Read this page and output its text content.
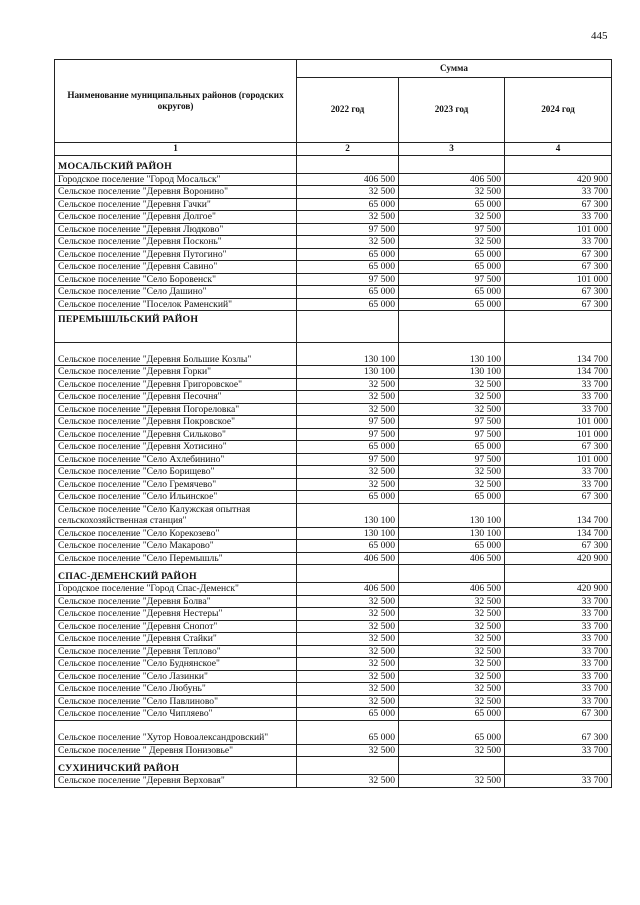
445
Наименование муниципальных районов (городских округов)	Сумма		
	2022 год	2023 год	2024 год
1	2	3	4
МОСАЛЬСКИЙ РАЙОН			
Городское поселение "Город Мосальск"	406 500	406 500	420 900
Сельское поселение "Деревня Воронино"	32 500	32 500	33 700
Сельское поселение "Деревня Гачки"	65 000	65 000	67 300
Сельское поселение "Деревня Долгое"	32 500	32 500	33 700
Сельское поселение "Деревня Людково"	97 500	97 500	101 000
Сельское поселение "Деревня Посконь"	32 500	32 500	33 700
Сельское поселение "Деревня Путогино"	65 000	65 000	67 300
Сельское поселение "Деревня Савино"	65 000	65 000	67 300
Сельское поселение "Село Боровенск"	97 500	97 500	101 000
Сельское поселение "Село Дашино"	65 000	65 000	67 300
Сельское поселение "Поселок Раменский"	65 000	65 000	67 300
ПЕРЕМЫШЛЬСКИЙ РАЙОН			
Сельское поселение "Деревня Большие Козлы"	130 100	130 100	134 700
Сельское поселение "Деревня Горки"	130 100	130 100	134 700
Сельское поселение "Деревня Григоровское"	32 500	32 500	33 700
Сельское поселение "Деревня Песочня"	32 500	32 500	33 700
Сельское поселение "Деревня Погореловка"	32 500	32 500	33 700
Сельское поселение "Деревня Покровское"	97 500	97 500	101 000
Сельское поселение "Деревня Сильково"	97 500	97 500	101 000
Сельское поселение "Деревня Хотисино"	65 000	65 000	67 300
Сельское поселение "Село Ахлебинино"	97 500	97 500	101 000
Сельское поселение "Село Борищево"	32 500	32 500	33 700
Сельское поселение "Село Гремячево"	32 500	32 500	33 700
Сельское поселение "Село Ильинское"	65 000	65 000	67 300
Сельское поселение "Село Калужская опытная сельскохозяйственная станция"	130 100	130 100	134 700
Сельское поселение "Село Корекозево"	130 100	130 100	134 700
Сельское поселение "Село Макарово"	65 000	65 000	67 300
Сельское поселение "Село Перемышль"	406 500	406 500	420 900
СПАС-ДЕМЕНСКИЙ РАЙОН			
Городское поселение "Город Спас-Деменск"	406 500	406 500	420 900
Сельское поселение "Деревня Болва"	32 500	32 500	33 700
Сельское поселение "Деревня Нестеры"	32 500	32 500	33 700
Сельское поселение "Деревня Снопот"	32 500	32 500	33 700
Сельское поселение "Деревня Стайки"	32 500	32 500	33 700
Сельское поселение "Деревня Теплово"	32 500	32 500	33 700
Сельское поселение "Село Буднянское"	32 500	32 500	33 700
Сельское поселение "Село Лазинки"	32 500	32 500	33 700
Сельское поселение "Село Любунь"	32 500	32 500	33 700
Сельское поселение "Село Павлиново"	32 500	32 500	33 700
Сельское поселение "Село Чипляево"	65 000	65 000	67 300
Сельское поселение "Хутор Новоалександровский"	65 000	65 000	67 300
Сельское поселение " Деревня Понизовье"	32 500	32 500	33 700
СУХИНИЧСКИЙ РАЙОН			
Сельское поселение "Деревня Верховая"	32 500	32 500	33 700
